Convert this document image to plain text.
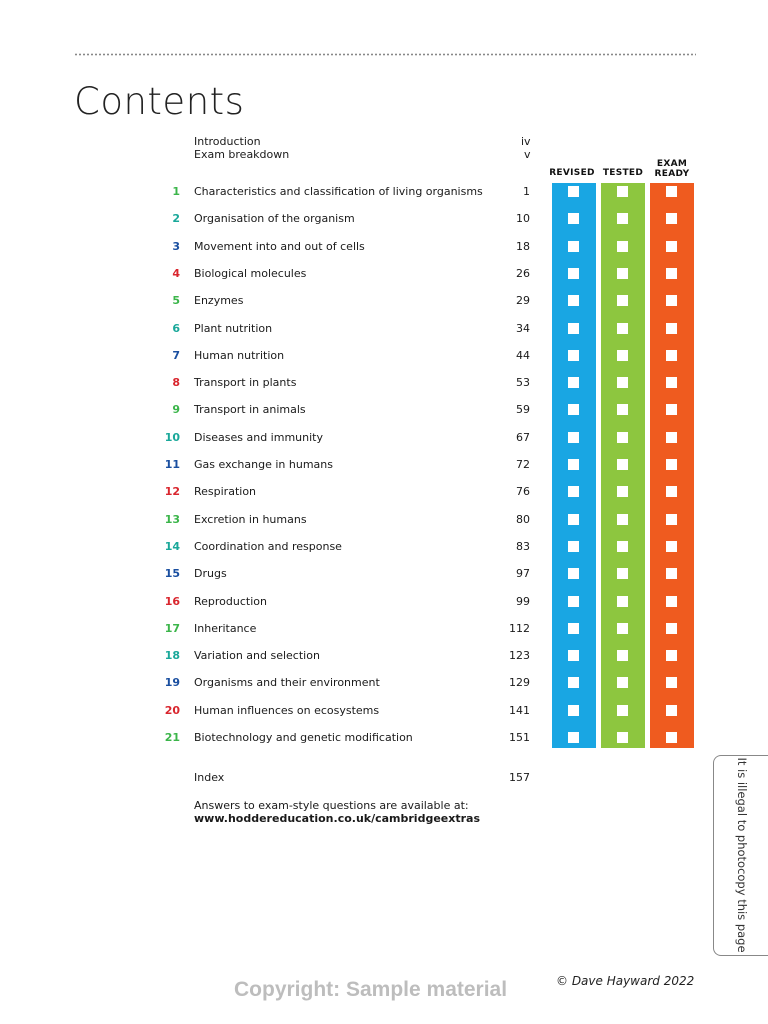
Contents
Introduction	iv
Exam breakdown	v
REVISED TESTED
EXAM
READY
1 Characteristics and classification of living organisms	1
2 Organisation of the organism	10
3 Movement into and out of cells	18
4 Biological molecules	26
5 Enzymes	29
6 Plant nutrition	34
7 Human nutrition	44
8 Transport in plants	53
9 Transport in animals	59
10 Diseases and immunity	67
11 Gas exchange in humans	72
12 Respiration	76
13 Excretion in humans	80
14 Coordination and response	83
15 Drugs	97
16 Reproduction	99
17 Inheritance	112
18 Variation and selection	123
19 Organisms and their environment	129
20 Human influences on ecosystems	141
21 Biotechnology and genetic modification	151
Index	157
Answers to exam-style questions are available at:
www.hoddereducation.co.uk/cambridgeextras	It is illegal to photocopy this page
Copyright: Sample material	© Dave Hayward 2022
